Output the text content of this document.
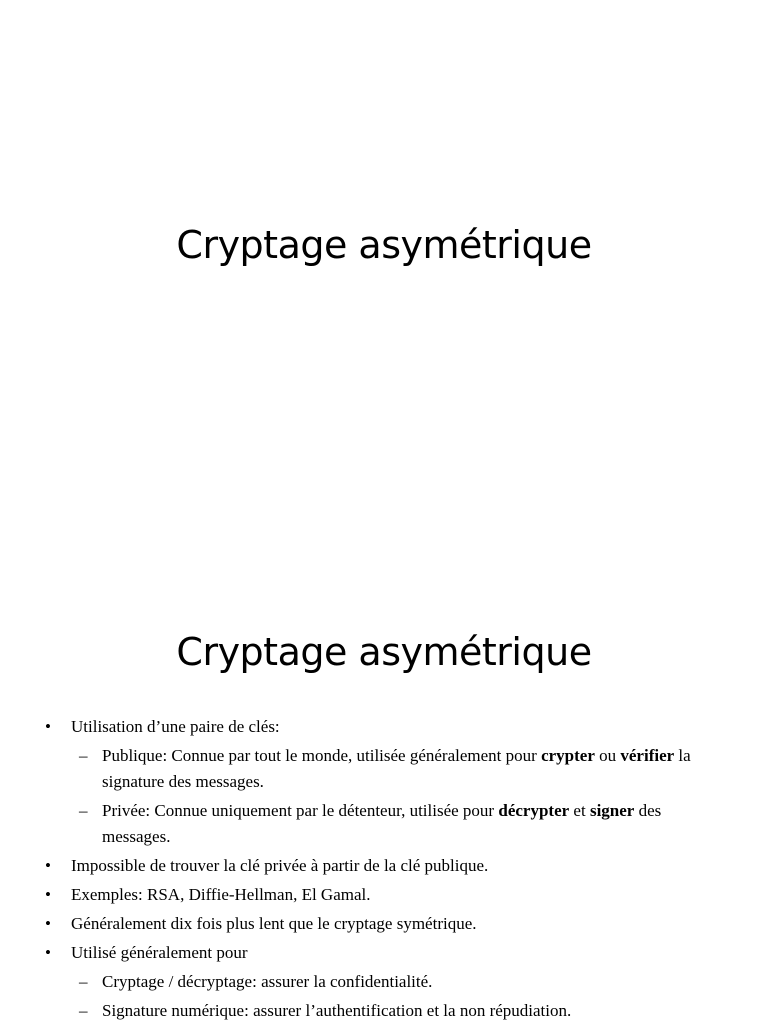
Cryptage asymétrique
Cryptage asymétrique
• Utilisation d’une paire de clés:
– Publique: Connue par tout le monde, utilisée généralement pour crypter ou vérifier la signature des messages.
– Privée: Connue uniquement par le détenteur, utilisée pour décrypter et signer des messages.
• Impossible de trouver la clé privée à partir de la clé publique.
• Exemples: RSA, Diffie-Hellman, El Gamal.
• Généralement dix fois plus lent que le cryptage symétrique.
• Utilisé généralement pour
– Cryptage / décryptage: assurer la confidentialité.
– Signature numérique: assurer l’authentification et la non répudiation.
